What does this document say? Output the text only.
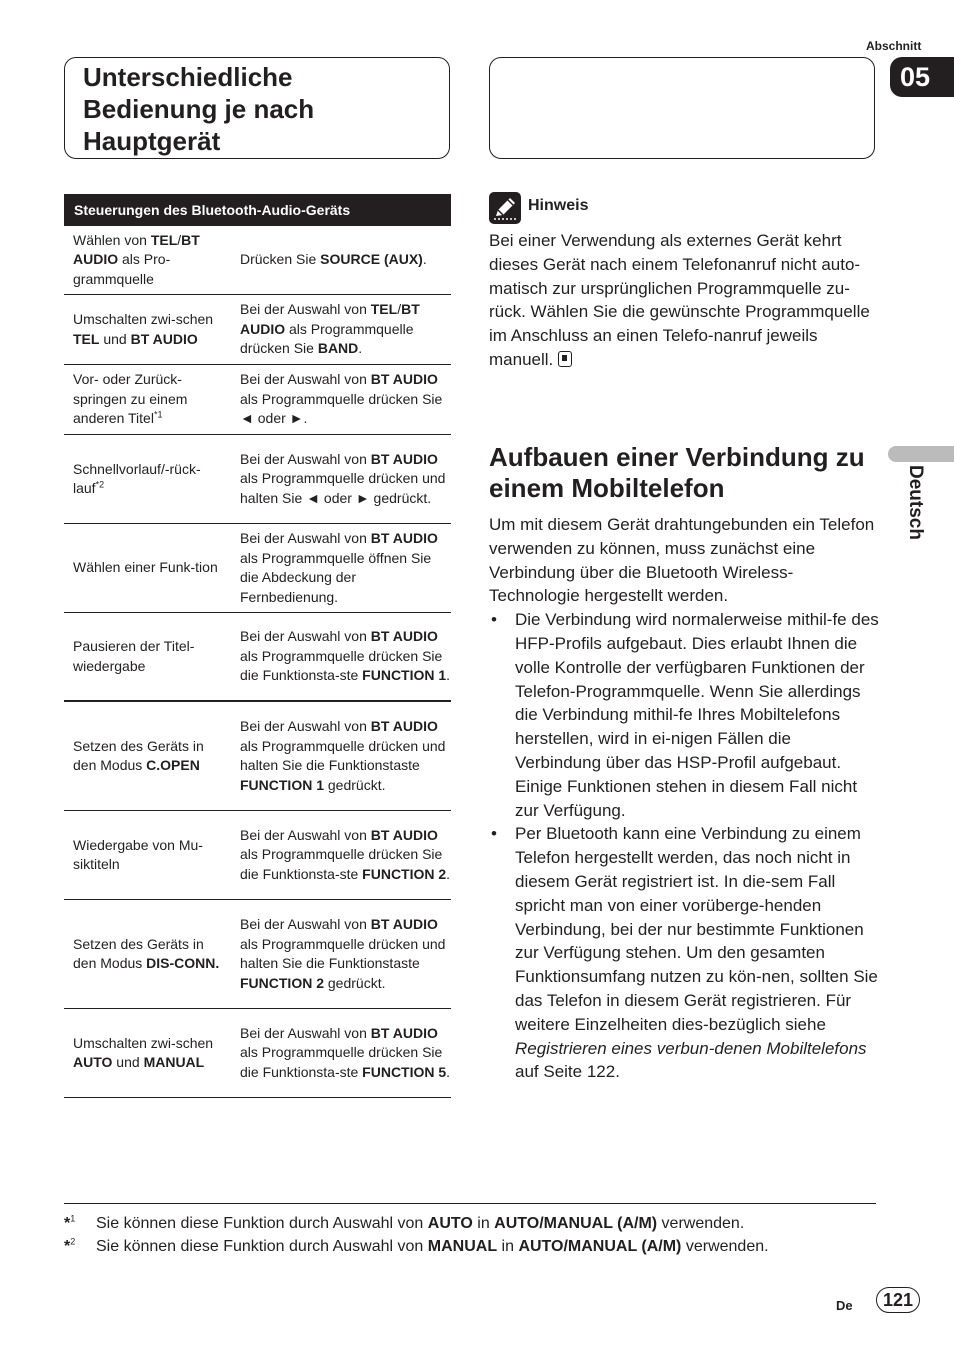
Abschnitt
05
Unterschiedliche
Bedienung je nach
Hauptgerät
Steuerungen des Bluetooth-Audio-Geräts
Wählen von TEL/BT AUDIO als Pro-grammquelle
Drücken Sie SOURCE (AUX).
Umschalten zwi-schen TEL und BT AUDIO
Bei der Auswahl von TEL/BT AUDIO als Programmquelle drücken Sie BAND.
Vor- oder Zurück-springen zu einem anderen Titel$^{*1}$
Bei der Auswahl von BT AUDIO als Programmquelle drücken Sie ◄ oder ►.
Schnellvorlauf/-rück-lauf$^{*2}$
Bei der Auswahl von BT AUDIO als Programmquelle drücken und halten Sie ◄ oder ► gedrückt.
Wählen einer Funk-tion
Bei der Auswahl von BT AUDIO als Programmquelle öffnen Sie die Abdeckung der Fernbedienung.
Pausieren der Titel-wiedergabe
Bei der Auswahl von BT AUDIO als Programmquelle drücken Sie die Funktionsta-ste FUNCTION 1.
Setzen des Geräts in den Modus C.OPEN
Bei der Auswahl von BT AUDIO als Programmquelle drücken und halten Sie die Funktionstaste FUNCTION 1 gedrückt.
Wiedergabe von Mu-siktiteln
Bei der Auswahl von BT AUDIO als Programmquelle drücken Sie die Funktionsta-ste FUNCTION 2.
Setzen des Geräts in den Modus DIS-CONN.
Bei der Auswahl von BT AUDIO als Programmquelle drücken und halten Sie die Funktionstaste FUNCTION 2 gedrückt.
Umschalten zwi-schen AUTO und MANUAL
Bei der Auswahl von BT AUDIO als Programmquelle drücken Sie die Funktionsta-ste FUNCTION 5.
Hinweis
Bei einer Verwendung als externes Gerät kehrt dieses Gerät nach einem Telefonanruf nicht auto-matisch zur ursprünglichen Programmquelle zu-rück. Wählen Sie die gewünschte Programmquelle im Anschluss an einen Telefo-nanruf jeweils manuell.
Aufbauen einer Verbindung zu einem Mobiltelefon
Um mit diesem Gerät drahtungebunden ein Telefon verwenden zu können, muss zunächst eine Verbindung über die Bluetooth Wireless-Technologie hergestellt werden.
• Die Verbindung wird normalerweise mithil-fe des HFP-Profils aufgebaut. Dies erlaubt Ihnen die volle Kontrolle der verfügbaren Funktionen der Telefon-Programmquelle. Wenn Sie allerdings die Verbindung mithil-fe Ihres Mobiltelefons herstellen, wird in ei-nigen Fällen die Verbindung über das HSP-Profil aufgebaut. Einige Funktionen stehen in diesem Fall nicht zur Verfügung.
• Per Bluetooth kann eine Verbindung zu einem Telefon hergestellt werden, das noch nicht in diesem Gerät registriert ist. In die-sem Fall spricht man von einer vorüberge-henden Verbindung, bei der nur bestimmte Funktionen zur Verfügung stehen. Um den gesamten Funktionsumfang nutzen zu kön-nen, sollten Sie das Telefon in diesem Gerät registrieren. Für weitere Einzelheiten dies-bezüglich siehe Registrieren eines verbun-denen Mobiltelefons auf Seite 122.
Deutsch
*$^1$ Sie können diese Funktion durch Auswahl von AUTO in AUTO/MANUAL (A/M) verwenden.
*$^2$ Sie können diese Funktion durch Auswahl von MANUAL in AUTO/MANUAL (A/M) verwenden.
De	121
